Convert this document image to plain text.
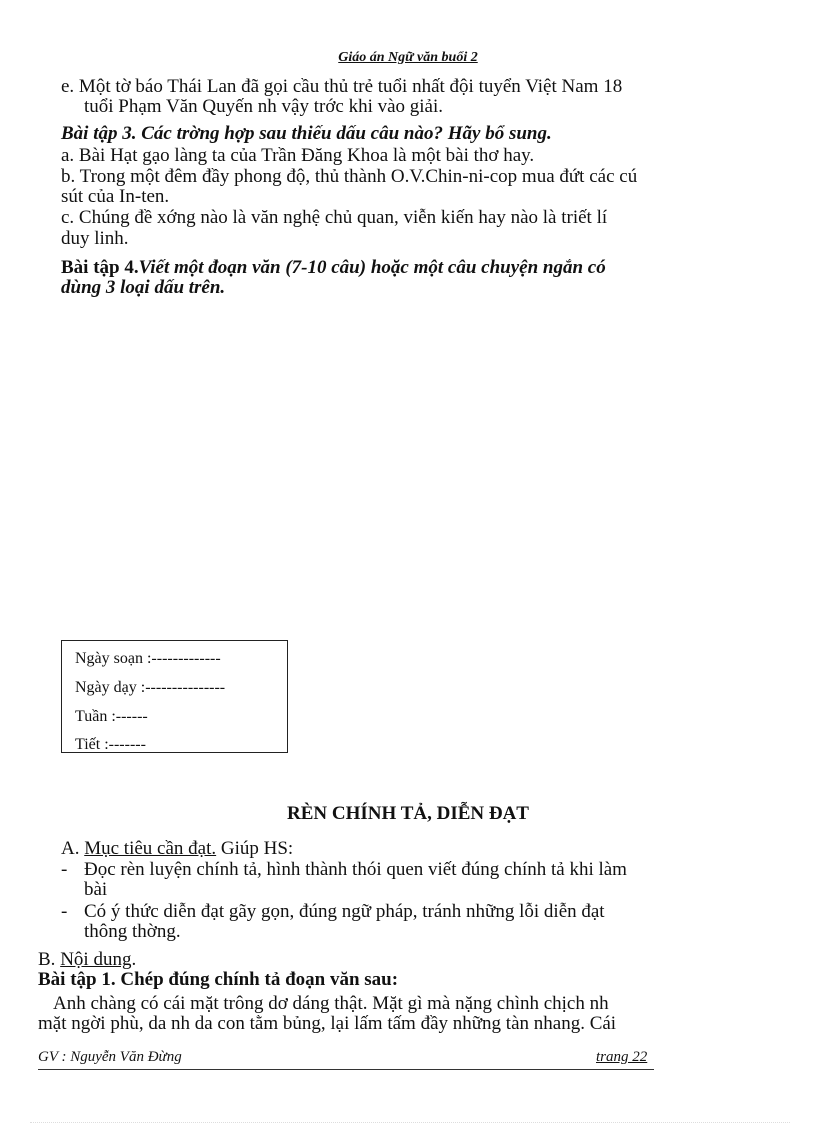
Giáo án Ngữ văn buổi 2
e. Một tờ báo Thái Lan đã gọi cầu thủ trẻ tuổi nhất đội tuyển Việt Nam 18
tuổi Phạm Văn Quyến nh vậy trớc khi vào giải.
Bài tập 3. Các trờng hợp sau thiếu dấu câu nào? Hãy bổ sung.
a. Bài Hạt gạo làng ta của Trần Đăng Khoa là một bài thơ hay.
b. Trong một đêm đầy phong độ, thủ thành O.V.Chin-ni-cop mua đứt các cú
sút của In-ten.
c. Chúng đề xớng nào là văn nghệ chủ quan, viễn kiến hay nào là triết lí
duy linh.
Bài tập 4.Viết một đoạn văn (7-10 câu) hoặc một câu chuyện ngắn có
dùng 3 loại dấu trên.
Ngày soạn :-------------
Ngày dạy :---------------
Tuần :------
Tiết :-------
RÈN CHÍNH TẢ, DIỄN ĐẠT
A. Mục tiêu cần đạt. Giúp HS:
- Đọc rèn luyện chính tả, hình thành thói quen viết đúng chính tả khi làm
bài
- Có ý thức diễn đạt gãy gọn, đúng ngữ pháp, tránh những lỗi diễn đạt
thông thờng.
B. Nội dung.
Bài tập 1. Chép đúng chính tả đoạn văn sau:
Anh chàng có cái mặt trông dơ dáng thật. Mặt gì mà nặng chình chịch nh
mặt ngời phù, da nh da con tằm bủng, lại lấm tấm đầy những tàn nhang. Cái
GV : Nguyễn Văn Đừng	trang 22
